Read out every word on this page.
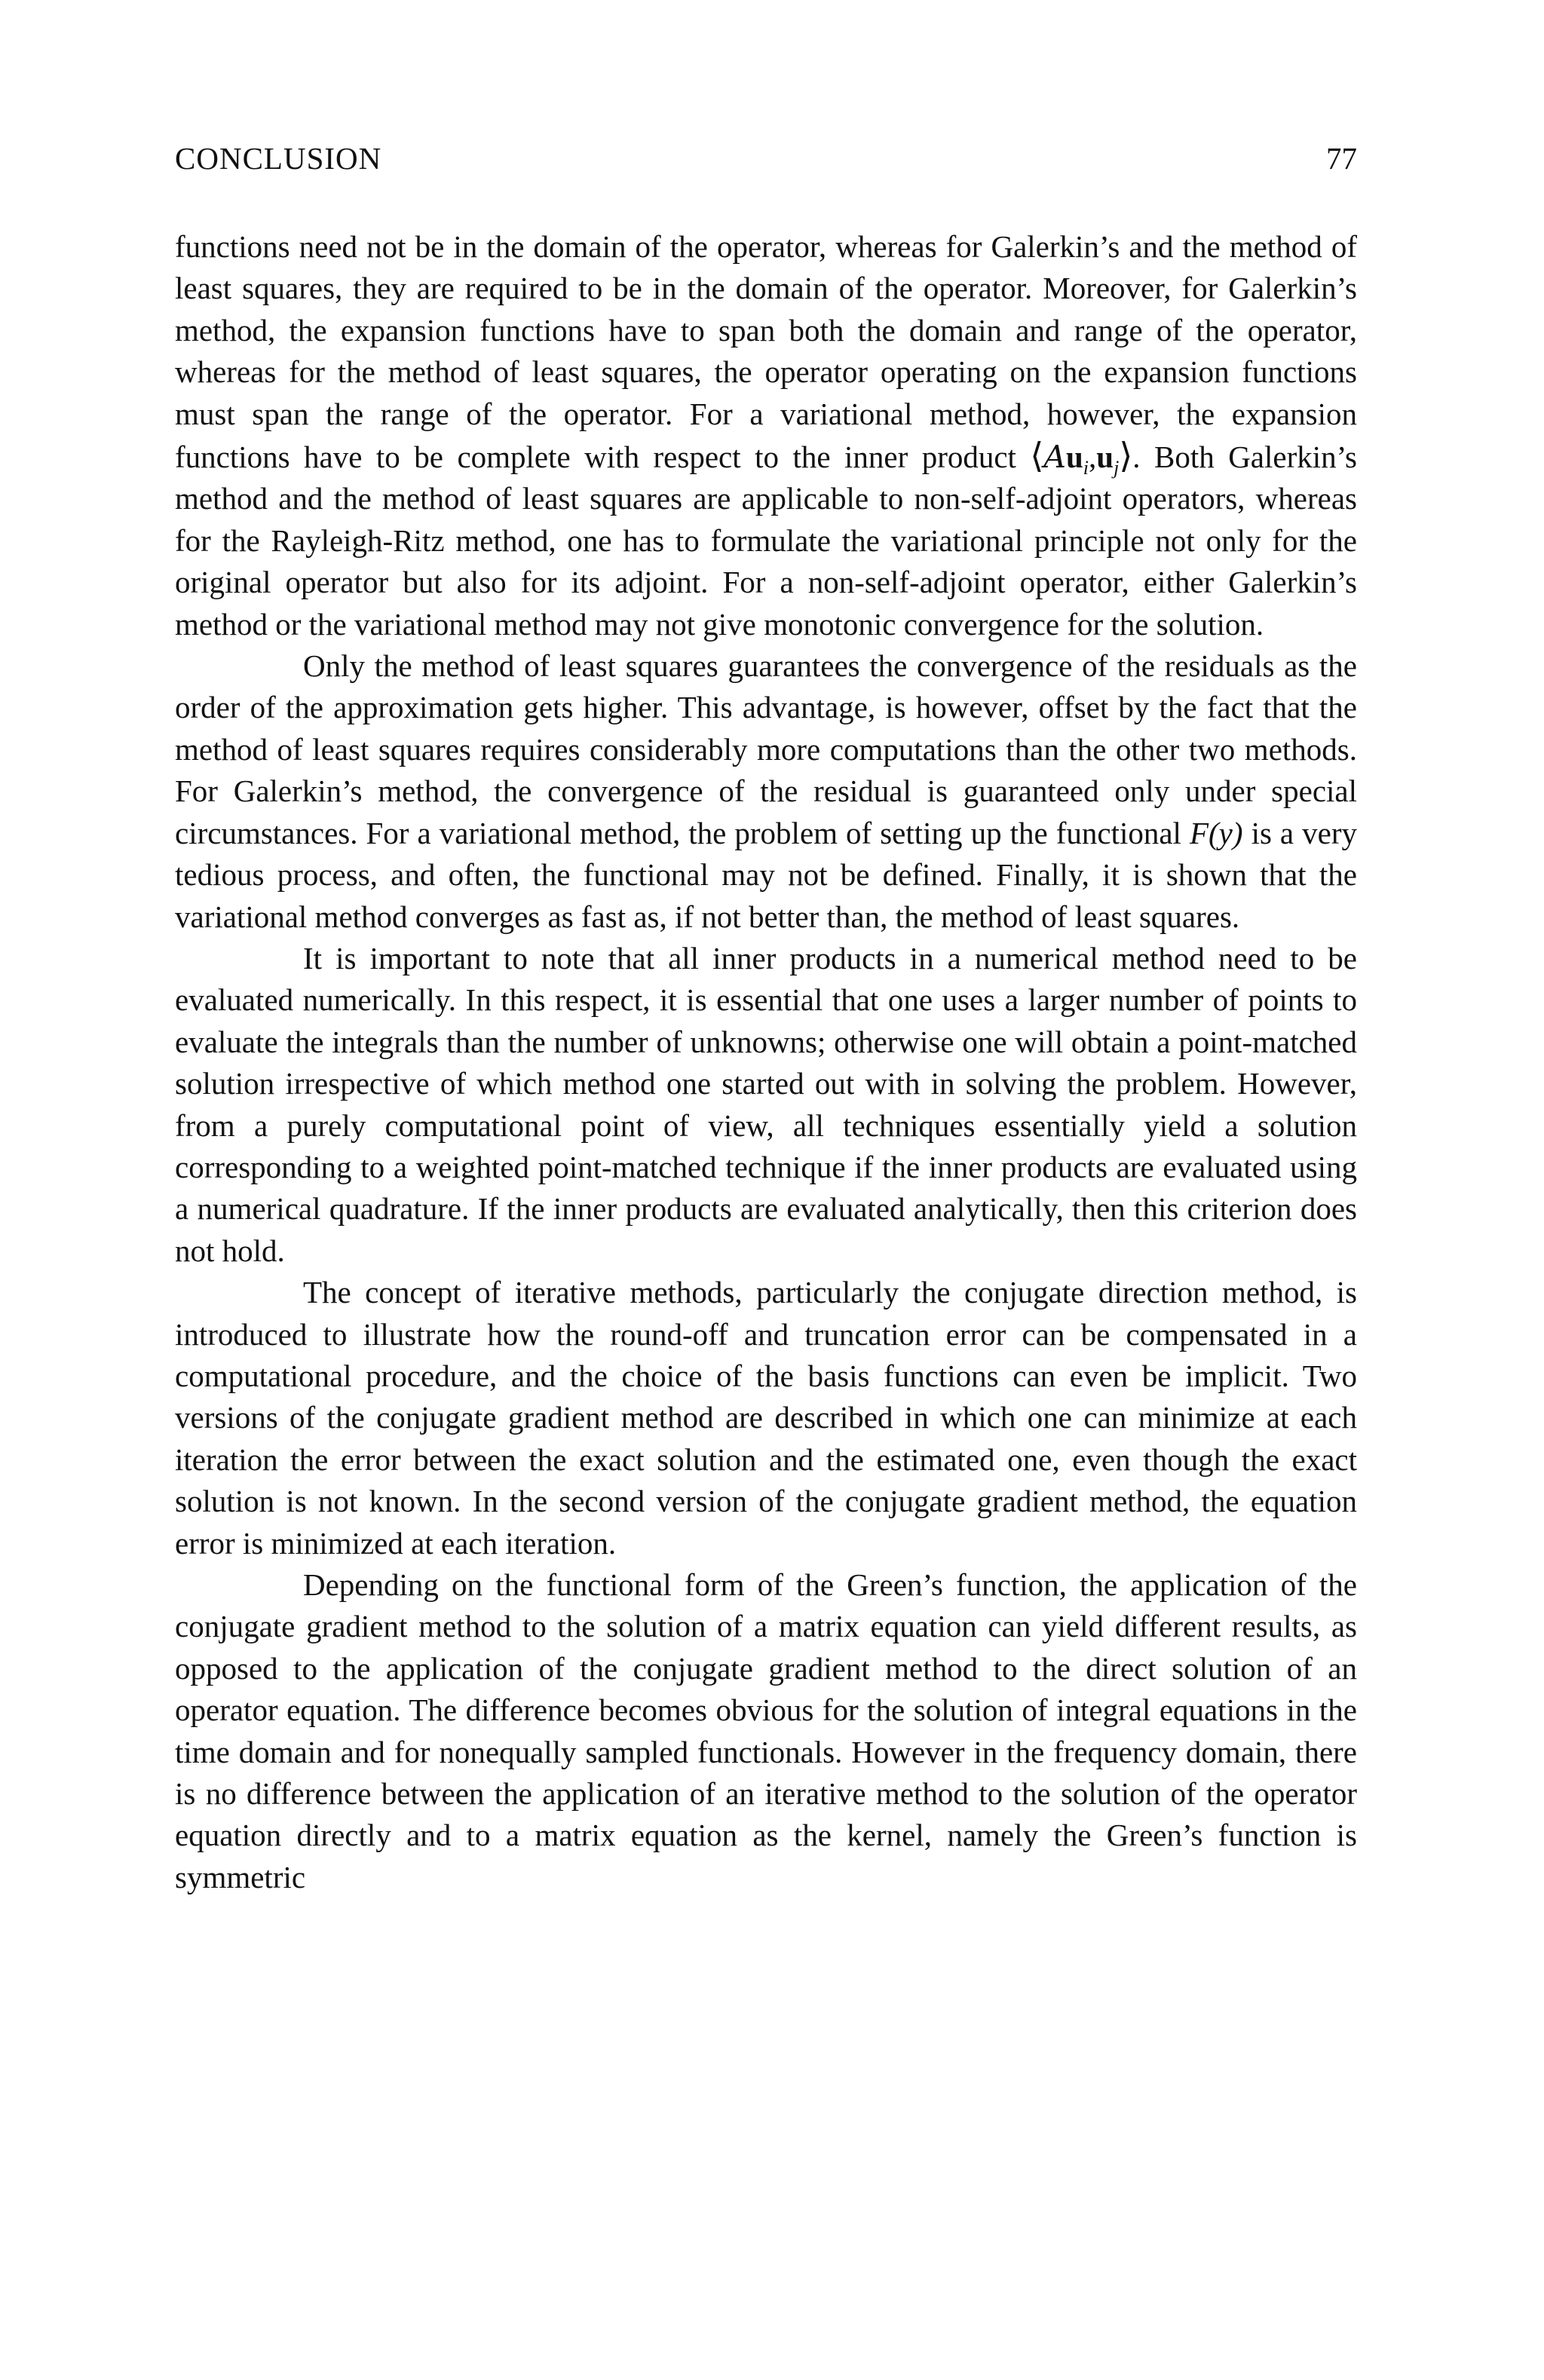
CONCLUSION	77

functions need not be in the domain of the operator, whereas for Galerkin’s and the method of least squares, they are required to be in the domain of the operator. Moreover, for Galerkin’s method, the expansion functions have to span both the domain and range of the operator, whereas for the method of least squares, the operator operating on the expansion functions must span the range of the operator. For a variational method, however, the expansion functions have to be complete with respect to the inner product $⟨Au_i,u_j⟩$. Both Galerkin’s method and the method of least squares are applicable to non-self-adjoint operators, whereas for the Rayleigh-Ritz method, one has to formulate the variational principle not only for the original operator but also for its adjoint. For a non-self-adjoint operator, either Galerkin’s method or the variational method may not give monotonic convergence for the solution.

Only the method of least squares guarantees the convergence of the residuals as the order of the approximation gets higher. This advantage, is however, offset by the fact that the method of least squares requires considerably more computations than the other two methods. For Galerkin’s method, the convergence of the residual is guaranteed only under special circumstances. For a variational method, the problem of setting up the functional F(y) is a very tedious process, and often, the functional may not be defined. Finally, it is shown that the variational method converges as fast as, if not better than, the method of least squares.

It is important to note that all inner products in a numerical method need to be evaluated numerically. In this respect, it is essential that one uses a larger number of points to evaluate the integrals than the number of unknowns; otherwise one will obtain a point-matched solution irrespective of which method one started out with in solving the problem. However, from a purely computational point of view, all techniques essentially yield a solution corresponding to a weighted point-matched technique if the inner products are evaluated using a numerical quadrature. If the inner products are evaluated analytically, then this criterion does not hold.

The concept of iterative methods, particularly the conjugate direction method, is introduced to illustrate how the round-off and truncation error can be compensated in a computational procedure, and the choice of the basis functions can even be implicit. Two versions of the conjugate gradient method are described in which one can minimize at each iteration the error between the exact solution and the estimated one, even though the exact solution is not known. In the second version of the conjugate gradient method, the equation error is minimized at each iteration.

Depending on the functional form of the Green’s function, the application of the conjugate gradient method to the solution of a matrix equation can yield different results, as opposed to the application of the conjugate gradient method to the direct solution of an operator equation. The difference becomes obvious for the solution of integral equations in the time domain and for nonequally sampled functionals. However in the frequency domain, there is no difference between the application of an iterative method to the solution of the operator equation directly and to a matrix equation as the kernel, namely the Green’s function is symmetric
